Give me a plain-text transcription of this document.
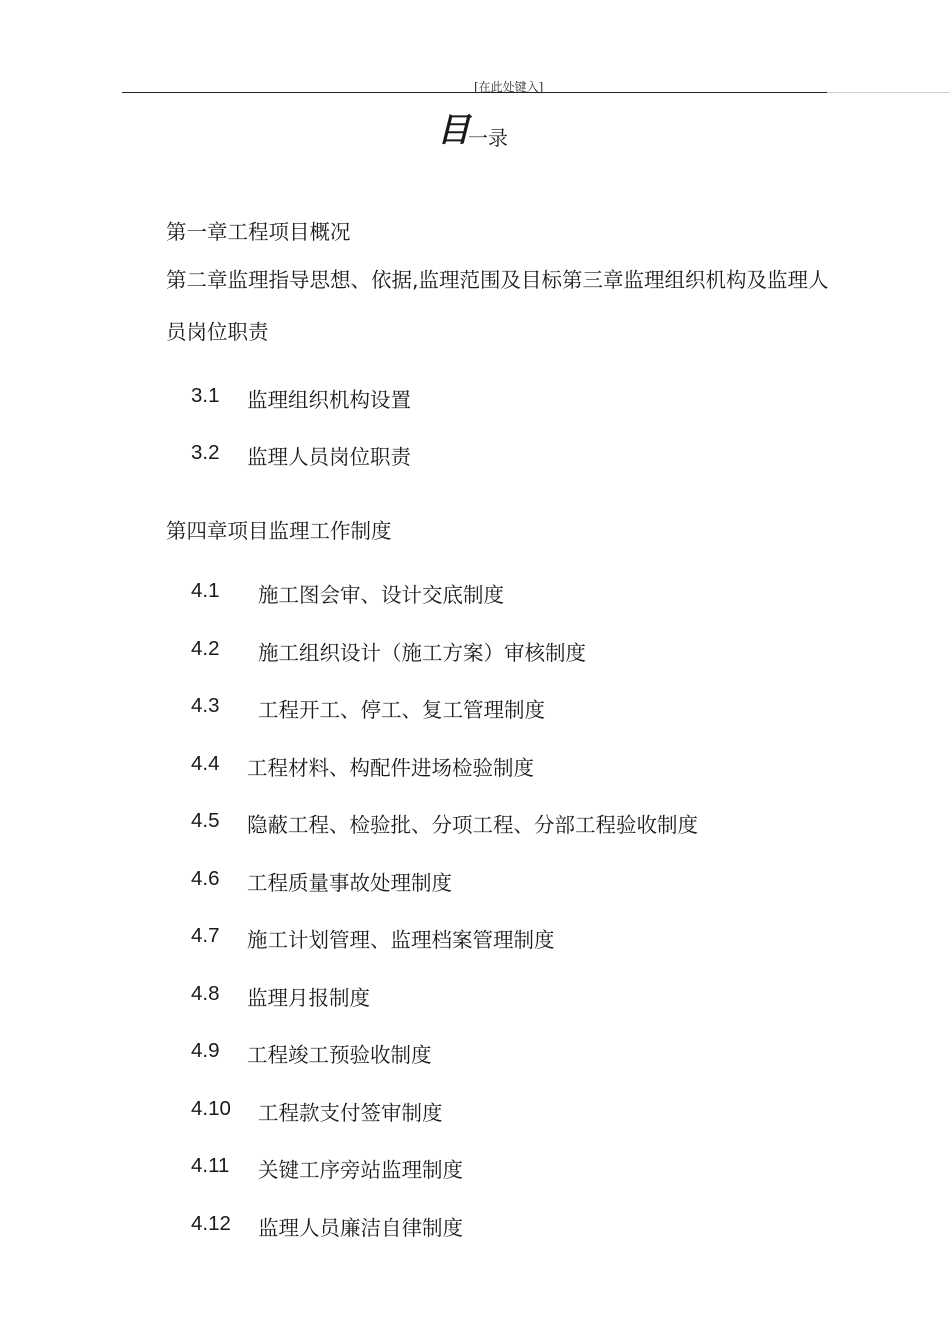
[在此处键入]
目一录
第一章工程项目概况
第二章监理指导思想、依据,监理范围及目标第三章监理组织机构及监理人员岗位职责
3.1 监理组织机构设置
3.2 监理人员岗位职责
第四章项目监理工作制度
4.1 施工图会审、设计交底制度
4.2 施工组织设计（施工方案）审核制度
4.3 工程开工、停工、复工管理制度
4.4 工程材料、构配件进场检验制度
4.5 隐蔽工程、检验批、分项工程、分部工程验收制度
4.6 工程质量事故处理制度
4.7 施工计划管理、监理档案管理制度
4.8 监理月报制度
4.9 工程竣工预验收制度
4.10 工程款支付签审制度
4.11 关键工序旁站监理制度
4.12 监理人员廉洁自律制度
